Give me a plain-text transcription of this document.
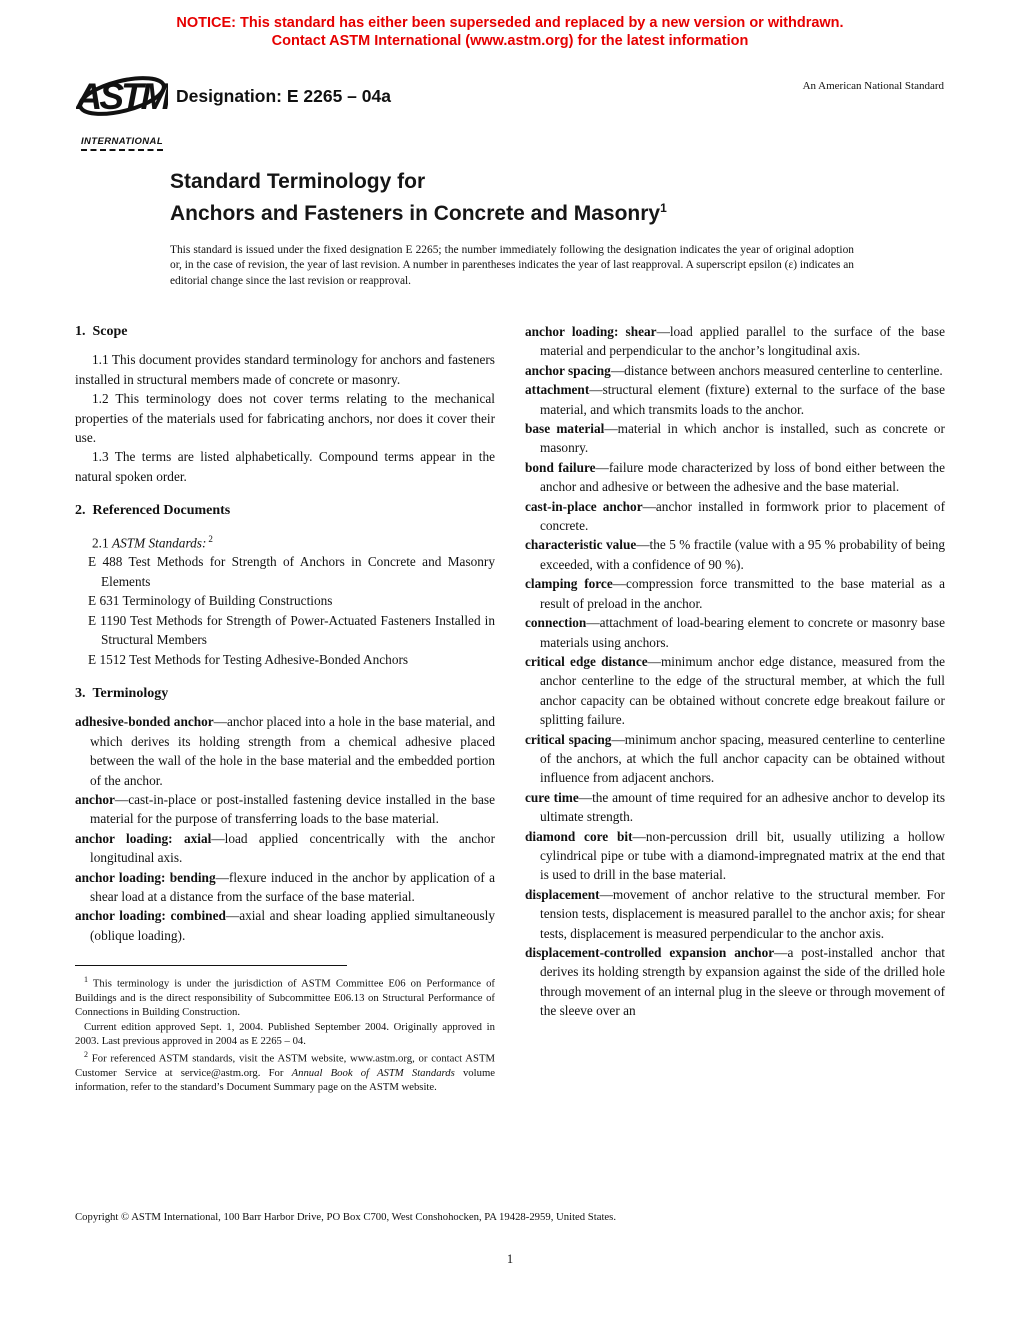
NOTICE: This standard has either been superseded and replaced by a new version or withdrawn.
Contact ASTM International (www.astm.org) for the latest information
ASTM
INTERNATIONAL
Designation: E 2265 – 04a	An American National Standard
Standard Terminology for
Anchors and Fasteners in Concrete and Masonry$^1$

This standard is issued under the fixed designation E 2265; the number immediately following the designation indicates the year of original adoption or, in the case of revision, the year of last revision. A number in parentheses indicates the year of last reapproval. A superscript epsilon (ε) indicates an editorial change since the last revision or reapproval.

1. Scope

1.1 This document provides standard terminology for anchors and fasteners installed in structural members made of concrete or masonry.

1.2 This terminology does not cover terms relating to the mechanical properties of the materials used for fabricating anchors, nor does it cover their use.

1.3 The terms are listed alphabetically. Compound terms appear in the natural spoken order.

2. Referenced Documents

2.1 ASTM Standards: $^2$

E 488 Test Methods for Strength of Anchors in Concrete and Masonry Elements

E 631 Terminology of Building Constructions

E 1190 Test Methods for Strength of Power-Actuated Fasteners Installed in Structural Members

E 1512 Test Methods for Testing Adhesive-Bonded Anchors

3. Terminology

adhesive-bonded anchor—anchor placed into a hole in the base material, and which derives its holding strength from a chemical adhesive placed between the wall of the hole in the base material and the embedded portion of the anchor.

anchor—cast-in-place or post-installed fastening device installed in the base material for the purpose of transferring loads to the base material.

anchor loading: axial—load applied concentrically with the anchor longitudinal axis.

anchor loading: bending—flexure induced in the anchor by application of a shear load at a distance from the surface of the base material.

anchor loading: combined—axial and shear loading applied simultaneously (oblique loading).

$^1$ This terminology is under the jurisdiction of ASTM Committee E06 on Performance of Buildings and is the direct responsibility of Subcommittee E06.13 on Structural Performance of Connections in Building Construction.

Current edition approved Sept. 1, 2004. Published September 2004. Originally approved in 2003. Last previous approved in 2004 as E 2265 – 04.

$^2$ For referenced ASTM standards, visit the ASTM website, www.astm.org, or contact ASTM Customer Service at service@astm.org. For Annual Book of ASTM Standards volume information, refer to the standard’s Document Summary page on the ASTM website.

anchor loading: shear—load applied parallel to the surface of the base material and perpendicular to the anchor’s longitudinal axis.

anchor spacing—distance between anchors measured centerline to centerline.

attachment—structural element (fixture) external to the surface of the base material, and which transmits loads to the anchor.

base material—material in which anchor is installed, such as concrete or masonry.

bond failure—failure mode characterized by loss of bond either between the anchor and adhesive or between the adhesive and the base material.

cast-in-place anchor—anchor installed in formwork prior to placement of concrete.

characteristic value—the 5 % fractile (value with a 95 % probability of being exceeded, with a confidence of 90 %).

clamping force—compression force transmitted to the base material as a result of preload in the anchor.

connection—attachment of load-bearing element to concrete or masonry base materials using anchors.

critical edge distance—minimum anchor edge distance, measured from the anchor centerline to the edge of the structural member, at which the full anchor capacity can be obtained without concrete edge breakout failure or splitting failure.

critical spacing—minimum anchor spacing, measured centerline to centerline of the anchors, at which the full anchor capacity can be obtained without influence from adjacent anchors.

cure time—the amount of time required for an adhesive anchor to develop its ultimate strength.

diamond core bit—non-percussion drill bit, usually utilizing a hollow cylindrical pipe or tube with a diamond-impregnated matrix at the end that is used to drill in the base material.

displacement—movement of anchor relative to the structural member. For tension tests, displacement is measured parallel to the anchor axis; for shear tests, displacement is measured perpendicular to the anchor axis.

displacement-controlled expansion anchor—a post-installed anchor that derives its holding strength by expansion against the side of the drilled hole through movement of an internal plug in the sleeve or through movement of the sleeve over an

Copyright © ASTM International, 100 Barr Harbor Drive, PO Box C700, West Conshohocken, PA 19428-2959, United States.

1
